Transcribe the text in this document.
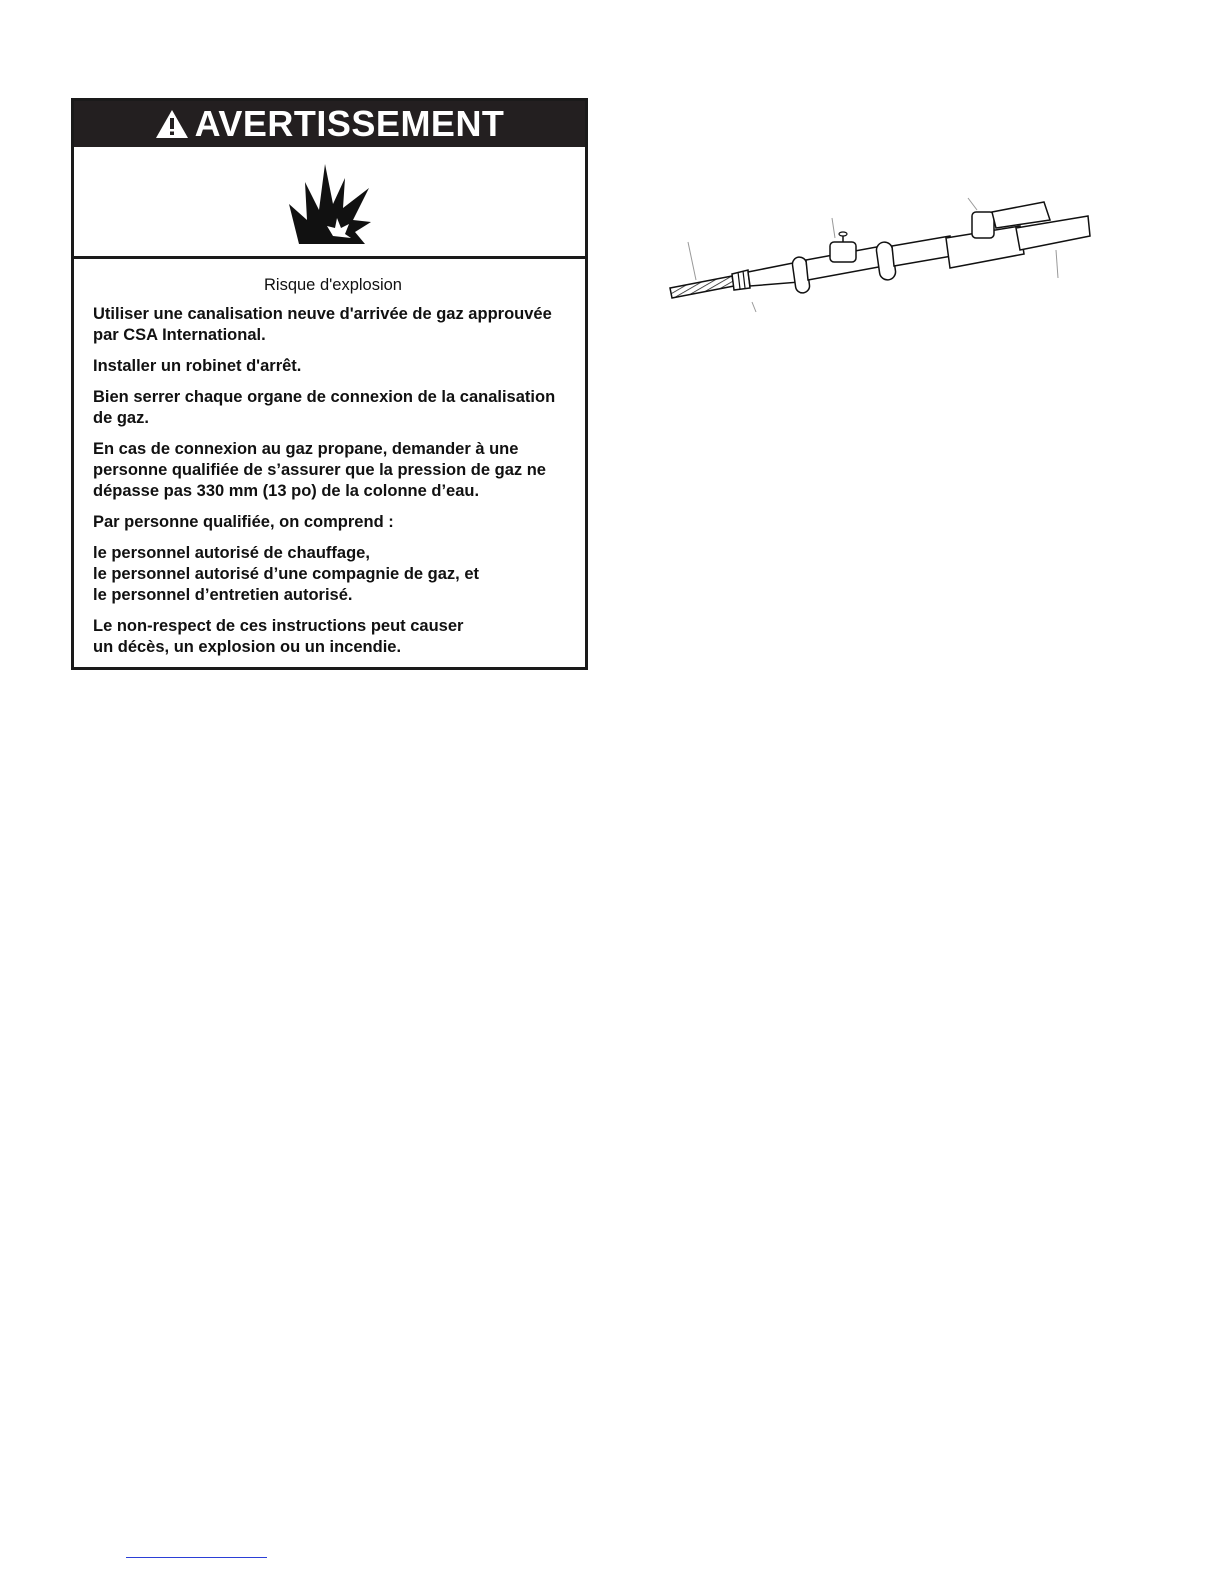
AVERTISSEMENT
Risque d'explosion

Utiliser une canalisation neuve d'arrivée de gaz approuvée par CSA International.

Installer un robinet d'arrêt.

Bien serrer chaque organe de connexion de la canalisation de gaz.

En cas de connexion au gaz propane, demander à une personne qualifiée de s’assurer que la pression de gaz ne dépasse pas 330 mm (13 po) de la colonne d’eau.

Par personne qualifiée, on comprend :

le personnel autorisé de chauffage,
le personnel autorisé d’une compagnie de gaz, et
le personnel d’entretien autorisé.
Le non-respect de ces instructions peut causer
un décès, un explosion ou un incendie.
